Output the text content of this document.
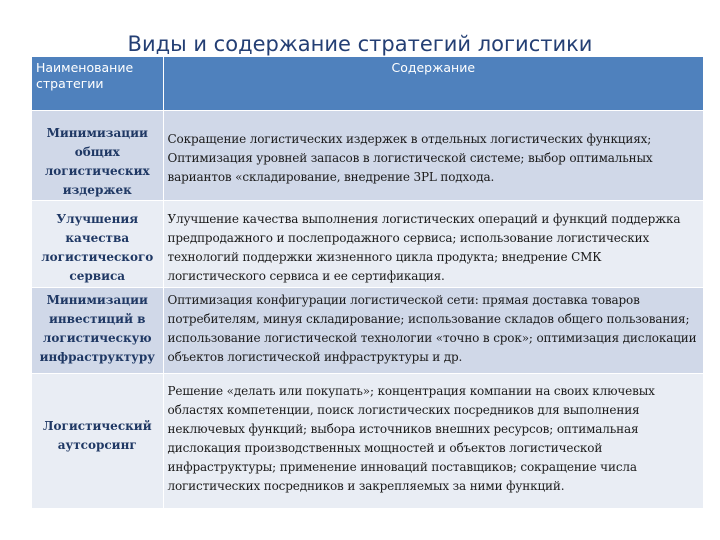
Виды и содержание стратегий логистики
Наименование стратегии	Содержание
Минимизации общих логистических издержек	Сокращение логистических издержек в отдельных логистических функциях; Оптимизация уровней запасов в логистической системе; выбор оптимальных вариантов «складирование, внедрение 3PL подхода.
Улучшения качества логистического сервиса	Улучшение качества выполнения логистических операций и функций поддержка предпродажного и послепродажного сервиса; использование логистических технологий поддержки жизненного цикла продукта; внедрение СМК логистического сервиса и ее сертификация.
Минимизации инвестиций в логистическую инфраструктуру	Оптимизация конфигурации логистической сети: прямая доставка товаров потребителям, минуя складирование; использование складов общего пользования; использование логистической технологии «точно в срок»; оптимизация дислокации объектов логистической инфраструктуры и др.
Логистический аутсорсинг	Решение «делать или покупать»; концентрация компании на своих ключевых областях компетенции, поиск логистических посредников для выполнения неключевых функций; выбора источников внешних ресурсов; оптимальная дислокация производственных мощностей и объектов логистической инфраструктуры; применение инноваций поставщиков; сокращение числа логистических посредников и закрепляемых за ними функций.
